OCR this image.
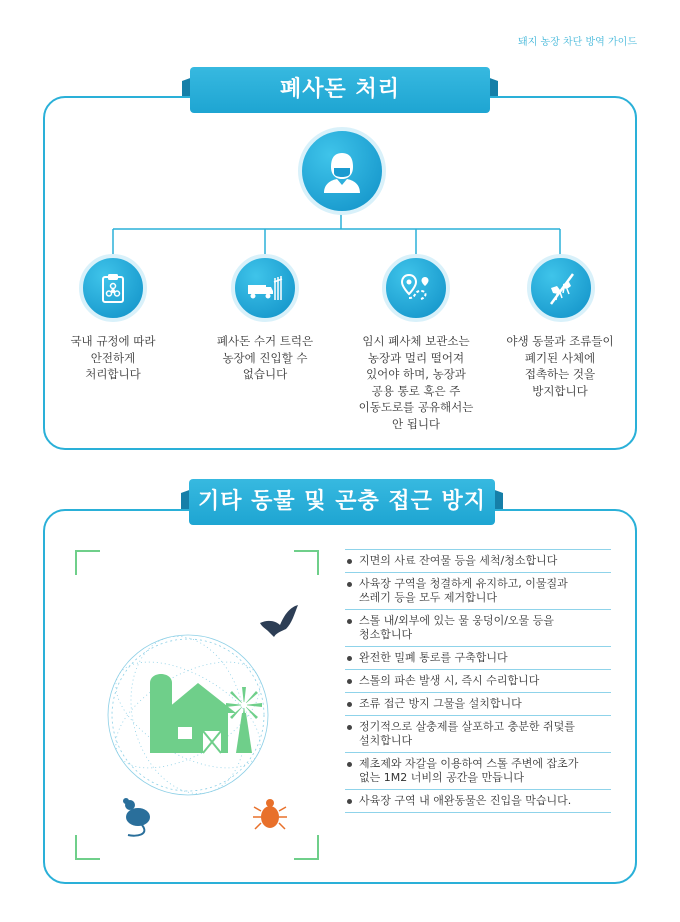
돼지 농장 차단 방역 가이드
폐사돈 처리
국내 규정에 따라
안전하게
처리합니다
폐사돈 수거 트럭은
농장에 진입할 수
없습니다
임시 폐사체 보관소는
농장과 멀리 떨어져
있어야 하며, 농장과
공용 통로 혹은 주
이동도로를 공유해서는
안 됩니다
야생 동물과 조류들이
폐기된 사체에
접촉하는 것을
방지합니다
기타 동물 및 곤충 접근 방지
지면의 사료 잔여물 등을 세척/청소합니다
사육장 구역을 청결하게 유지하고, 이물질과
쓰레기 등을 모두 제거합니다
스톨 내/외부에 있는 물 웅덩이/오물 등을
청소합니다
완전한 밀폐 통로를 구축합니다
스톨의 파손 발생 시, 즉시 수리합니다
조류 접근 방지 그물을 설치합니다
정기적으로 살충제를 살포하고 충분한 쥐덫를
설치합니다
제초제와 자갈을 이용하여 스톨 주변에 잡초가
없는 1M2 너비의 공간을 만듭니다
사육장 구역 내 애완동물은 진입을 막습니다.
